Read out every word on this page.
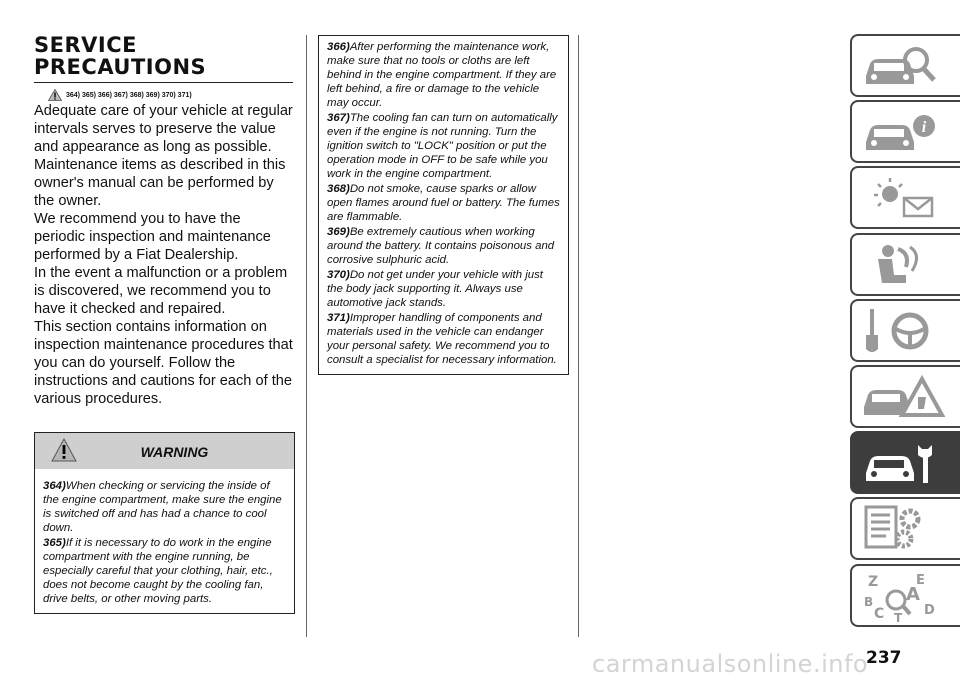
SERVICE
PRECAUTIONS
364) 365) 366) 367) 368) 369) 370) 371)

Adequate care of your vehicle at regular intervals serves to preserve the value and appearance as long as possible.

Maintenance items as described in this owner's manual can be performed by the owner.

We recommend you to have the periodic inspection and maintenance performed by a Fiat Dealership.

In the event a malfunction or a problem is discovered, we recommend you to have it checked and repaired.

This section contains information on inspection maintenance procedures that you can do yourself. Follow the instructions and cautions for each of the various procedures.

WARNING

364)When checking or servicing the inside of the engine compartment, make sure the engine is switched off and has had a chance to cool down.

365)If it is necessary to do work in the engine compartment with the engine running, be especially careful that your clothing, hair, etc., does not become caught by the cooling fan, drive belts, or other moving parts.

366)After performing the maintenance work, make sure that no tools or cloths are left behind in the engine compartment. If they are left behind, a fire or damage to the vehicle may occur.

367)The cooling fan can turn on automatically even if the engine is not running. Turn the ignition switch to "LOCK" position or put the operation mode in OFF to be safe while you work in the engine compartment.

368)Do not smoke, cause sparks or allow open flames around fuel or battery. The fumes are flammable.

369)Be extremely cautious when working around the battery. It contains poisonous and corrosive sulphuric acid.

370)Do not get under your vehicle with just the body jack supporting it. Always use automotive jack stands.

371)Improper handling of components and materials used in the vehicle can endanger your personal safety. We recommend you to consult a specialist for necessary information.

i
Z	E
B A
C	D
T
carmanualsonline.info
237
